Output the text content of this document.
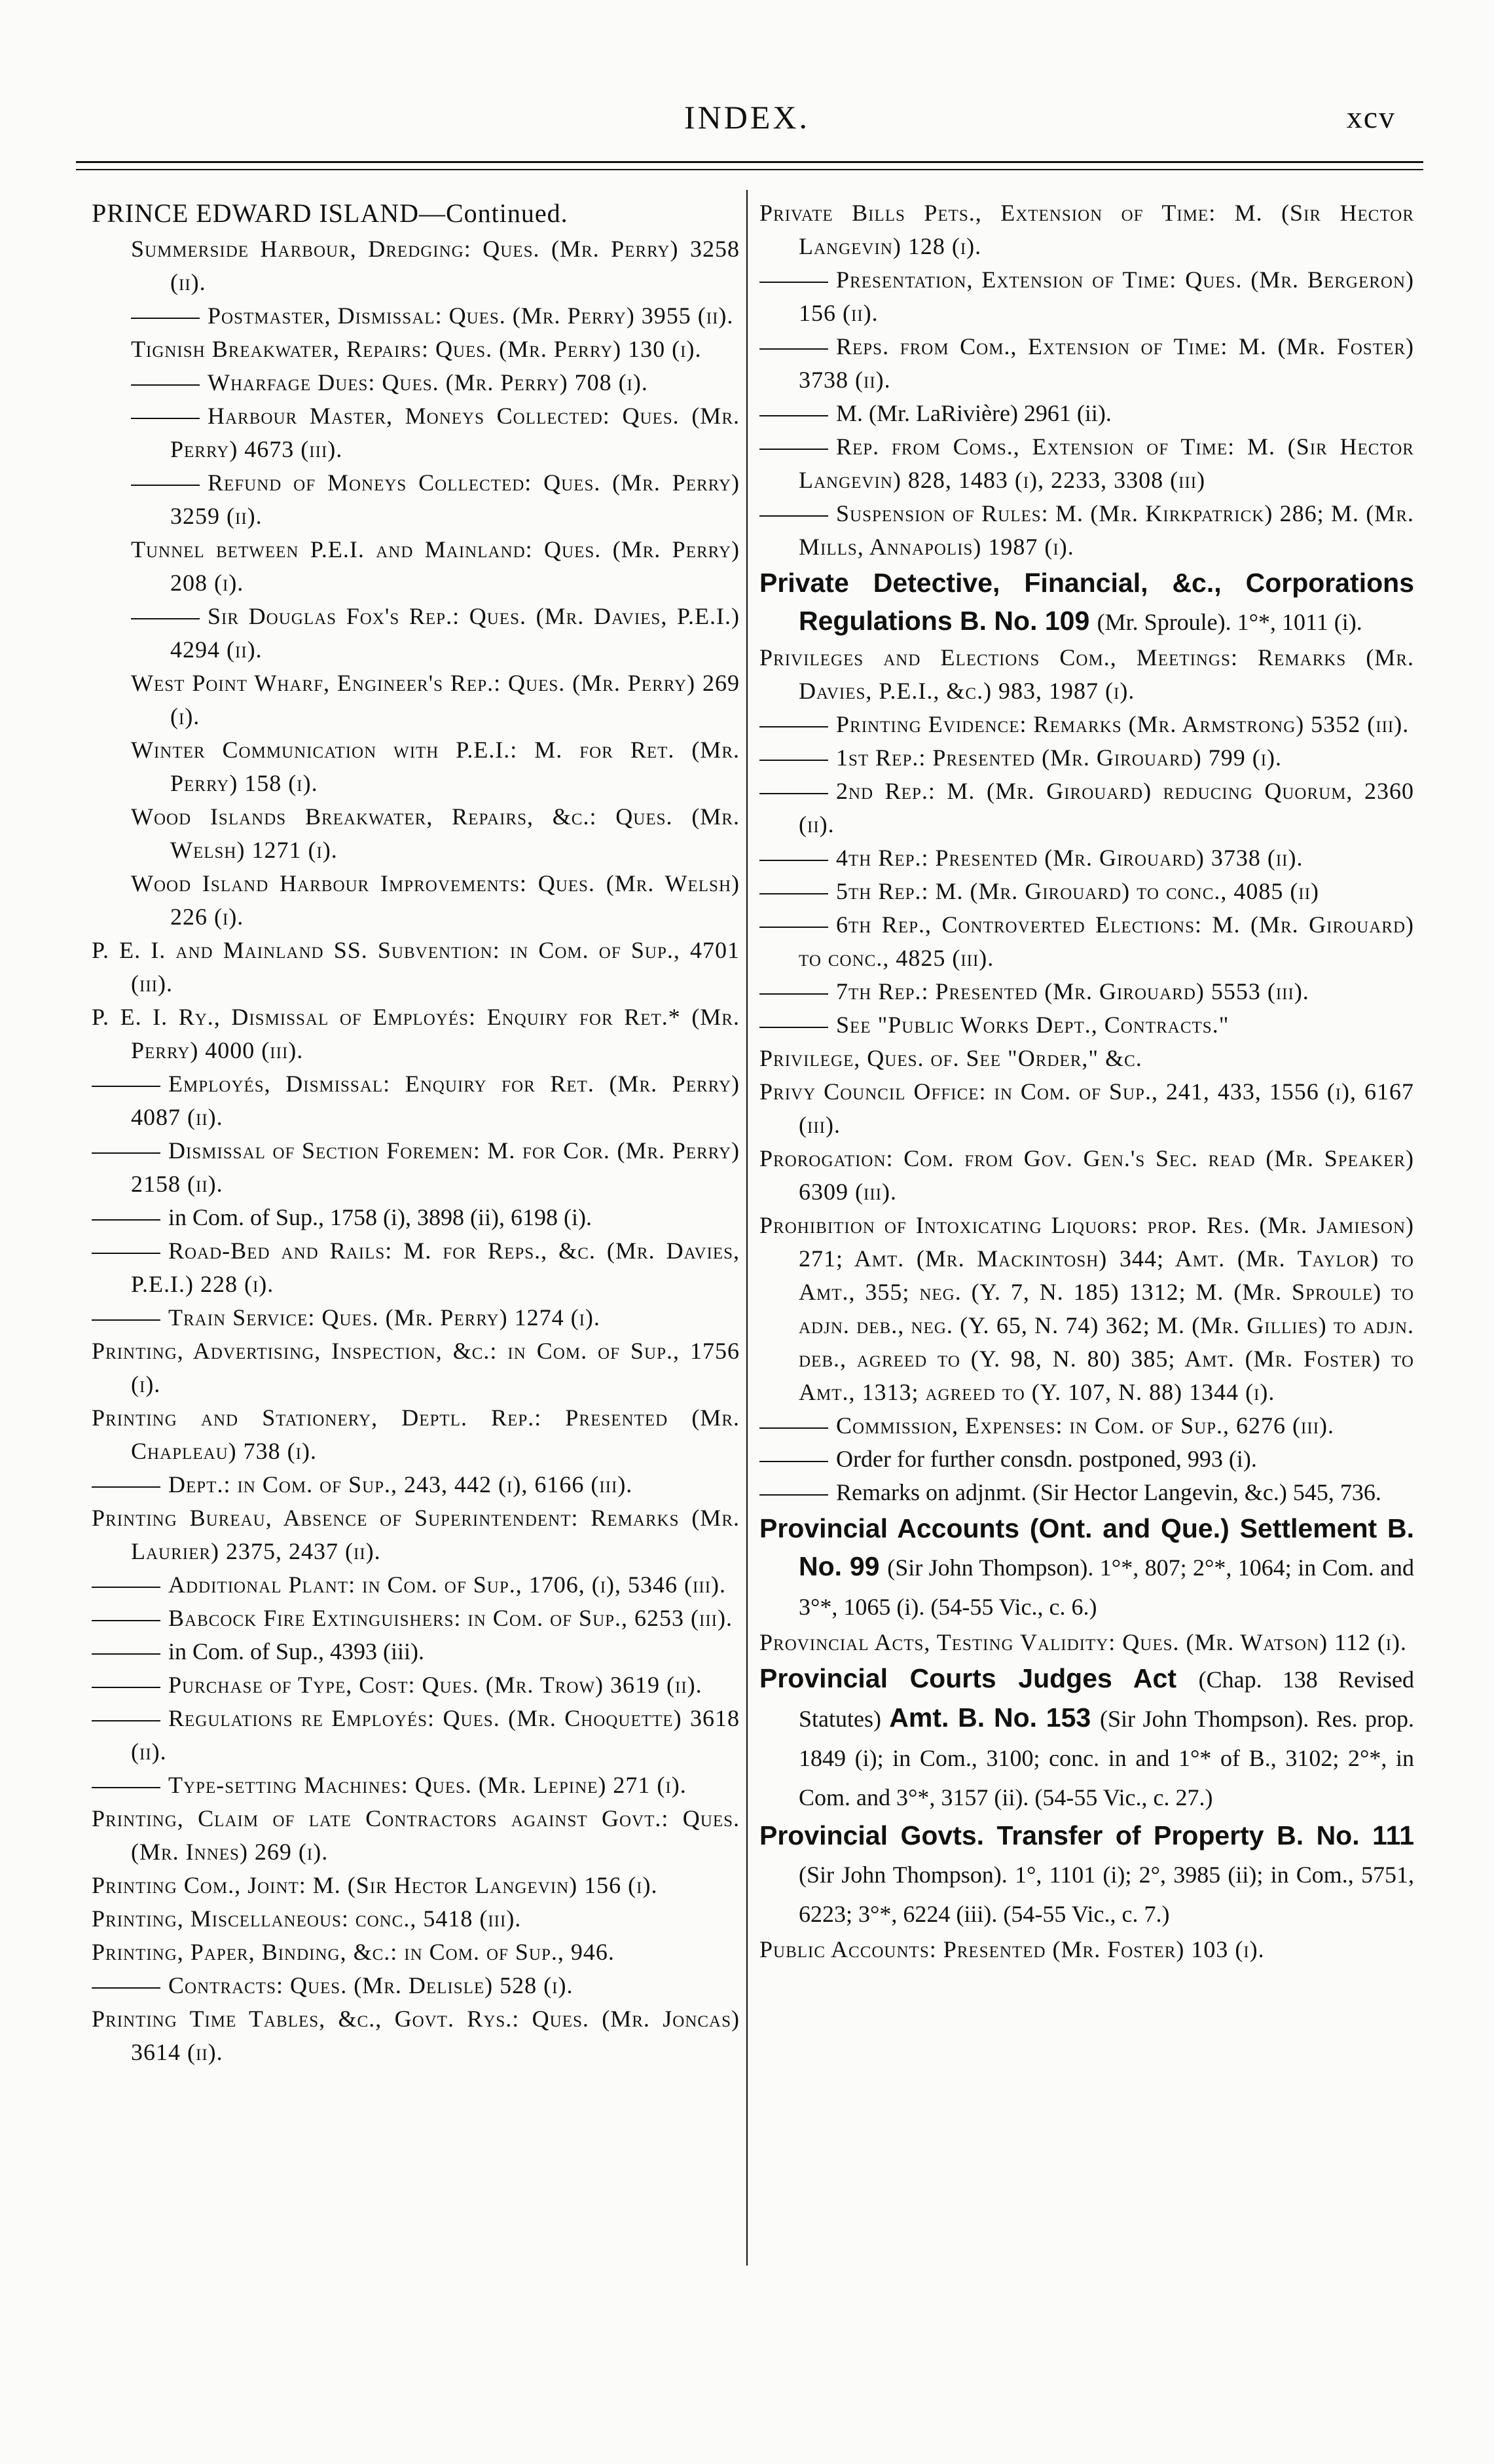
INDEX.	xcv

PRINCE EDWARD ISLAND—Continued.

Summerside Harbour, Dredging: Ques. (Mr. Perry) 3258 (ii).

Postmaster, Dismissal: Ques. (Mr. Perry) 3955 (ii).

Tignish Breakwater, Repairs: Ques. (Mr. Perry) 130 (i).

Wharfage Dues: Ques. (Mr. Perry) 708 (i).

Harbour Master, Moneys Collected: Ques. (Mr. Perry) 4673 (iii).

Refund of Moneys Collected: Ques. (Mr. Perry) 3259 (ii).

Tunnel between P.E.I. and Mainland: Ques. (Mr. Perry) 208 (i).

Sir Douglas Fox's Rep.: Ques. (Mr. Davies, P.E.I.) 4294 (ii).

West Point Wharf, Engineer's Rep.: Ques. (Mr. Perry) 269 (i).

Winter Communication with P.E.I.: M. for Ret. (Mr. Perry) 158 (i).

Wood Islands Breakwater, Repairs, &c.: Ques. (Mr. Welsh) 1271 (i).

Wood Island Harbour Improvements: Ques. (Mr. Welsh) 226 (i).

P. E. I. and Mainland SS. Subvention: in Com. of Sup., 4701 (iii).

P. E. I. Ry., Dismissal of Employés: Enquiry for Ret.* (Mr. Perry) 4000 (iii).

Employés, Dismissal: Enquiry for Ret. (Mr. Perry) 4087 (ii).

Dismissal of Section Foremen: M. for Cor. (Mr. Perry) 2158 (ii).

in Com. of Sup., 1758 (i), 3898 (ii), 6198 (i).

Road-Bed and Rails: M. for Reps., &c. (Mr. Davies, P.E.I.) 228 (i).

Train Service: Ques. (Mr. Perry) 1274 (i).

Printing, Advertising, Inspection, &c.: in Com. of Sup., 1756 (i).

Printing and Stationery, Deptl. Rep.: Presented (Mr. Chapleau) 738 (i).

Dept.: in Com. of Sup., 243, 442 (i), 6166 (iii).

Printing Bureau, Absence of Superintendent: Remarks (Mr. Laurier) 2375, 2437 (ii).

Additional Plant: in Com. of Sup., 1706, (i), 5346 (iii).

Babcock Fire Extinguishers: in Com. of Sup., 6253 (iii).

in Com. of Sup., 4393 (iii).

Purchase of Type, Cost: Ques. (Mr. Trow) 3619 (ii).

Regulations re Employés: Ques. (Mr. Choquette) 3618 (ii).

Type-setting Machines: Ques. (Mr. Lepine) 271 (i).

Printing, Claim of late Contractors against Govt.: Ques. (Mr. Innes) 269 (i).

Printing Com., Joint: M. (Sir Hector Langevin) 156 (i).

Printing, Miscellaneous: conc., 5418 (iii).

Printing, Paper, Binding, &c.: in Com. of Sup., 946.

Contracts: Ques. (Mr. Delisle) 528 (i).

Printing Time Tables, &c., Govt. Rys.: Ques. (Mr. Joncas) 3614 (ii).

Private Bills Pets., Extension of Time: M. (Sir Hector Langevin) 128 (i).

Presentation, Extension of Time: Ques. (Mr. Bergeron) 156 (ii).

Reps. from Com., Extension of Time: M. (Mr. Foster) 3738 (ii).

M. (Mr. LaRivière) 2961 (ii).

Rep. from Coms., Extension of Time: M. (Sir Hector Langevin) 828, 1483 (i), 2233, 3308 (iii)

Suspension of Rules: M. (Mr. Kirkpatrick) 286; M. (Mr. Mills, Annapolis) 1987 (i).

Private Detective, Financial, &c., Corporations Regulations B. No. 109 (Mr. Sproule). 1°*, 1011 (i).

Privileges and Elections Com., Meetings: Remarks (Mr. Davies, P.E.I., &c.) 983, 1987 (i).

Printing Evidence: Remarks (Mr. Armstrong) 5352 (iii).

1st Rep.: Presented (Mr. Girouard) 799 (i).

2nd Rep.: M. (Mr. Girouard) reducing Quorum, 2360 (ii).

4th Rep.: Presented (Mr. Girouard) 3738 (ii).

5th Rep.: M. (Mr. Girouard) to conc., 4085 (ii)

6th Rep., Controverted Elections: M. (Mr. Girouard) to conc., 4825 (iii).

7th Rep.: Presented (Mr. Girouard) 5553 (iii).

See "Public Works Dept., Contracts."

Privilege, Ques. of. See "Order," &c.

Privy Council Office: in Com. of Sup., 241, 433, 1556 (i), 6167 (iii).

Prorogation: Com. from Gov. Gen.'s Sec. read (Mr. Speaker) 6309 (iii).

Prohibition of Intoxicating Liquors: prop. Res. (Mr. Jamieson) 271; Amt. (Mr. Mackintosh) 344; Amt. (Mr. Taylor) to Amt., 355; neg. (Y. 7, N. 185) 1312; M. (Mr. Sproule) to adjn. deb., neg. (Y. 65, N. 74) 362; M. (Mr. Gillies) to adjn. deb., agreed to (Y. 98, N. 80) 385; Amt. (Mr. Foster) to Amt., 1313; agreed to (Y. 107, N. 88) 1344 (i).

Commission, Expenses: in Com. of Sup., 6276 (iii).

Order for further consdn. postponed, 993 (i).

Remarks on adjnmt. (Sir Hector Langevin, &c.) 545, 736.

Provincial Accounts (Ont. and Que.) Settlement B. No. 99 (Sir John Thompson). 1°*, 807; 2°*, 1064; in Com. and 3°*, 1065 (i). (54-55 Vic., c. 6.)

Provincial Acts, Testing Validity: Ques. (Mr. Watson) 112 (i).

Provincial Courts Judges Act (Chap. 138 Revised Statutes) Amt. B. No. 153 (Sir John Thompson). Res. prop. 1849 (i); in Com., 3100; conc. in and 1°* of B., 3102; 2°*, in Com. and 3°*, 3157 (ii). (54-55 Vic., c. 27.)

Provincial Govts. Transfer of Property B. No. 111 (Sir John Thompson). 1°, 1101 (i); 2°, 3985 (ii); in Com., 5751, 6223; 3°*, 6224 (iii). (54-55 Vic., c. 7.)

Public Accounts: Presented (Mr. Foster) 103 (i).
